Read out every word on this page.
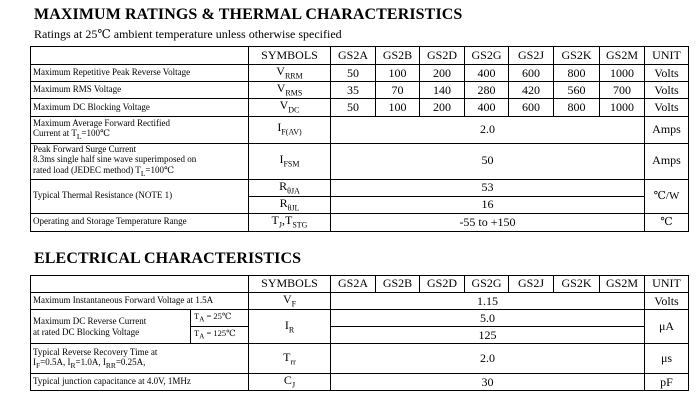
MAXIMUM RATINGS & THERMAL CHARACTERISTICS
Ratings at 25℃ ambient temperature unless otherwise specified
	SYMBOLS	GS2A	GS2B	GS2D	GS2G	GS2J	GS2K	GS2M	UNIT
Maximum Repetitive Peak Reverse Voltage	$V_{RRM}$	50	100	200	400	600	800	1000	Volts
Maximum RMS Voltage	$V_{RMS}$	35	70	140	280	420	560	700	Volts
Maximum DC Blocking Voltage	$V_{DC}$	50	100	200	400	600	800	1000	Volts

Maximum Average Forward Rectified
Current at $T_L=100℃$	$I_{F(AV)}$	2.0							Amps

Peak Forward Surge Current
8.3ms single half sine wave superimposed on
rated load (JEDEC method) $T_L=100℃$	$I_{FSM}$	50							Amps
Typical Thermal Resistance (NOTE 1)	$R_{\theta JA}$	53							℃/W
	$R_{\theta JL}$	16							
Operating and Storage Temperature Range	$T_J,T_{STG}$	-55 to +150							℃
ELECTRICAL CHARACTERISTICS
		SYMBOLS	GS2A	GS2B	GS2D	GS2G	GS2J	GS2K	GS2M	UNIT
Maximum Instantaneous Forward Voltage at 1.5A		$V_F$	1.15							Volts

Maximum DC Reverse Current
at rated DC Blocking Voltage	$T_A$ = 25℃	$I_R$	5.0							μA
	$T_A$ = 125℃		125							

Typical Reverse Recovery Time at
$I_F=0.5A$, $I_R=1.0A$, $I_{RR}=0.25A$,		$T_{rr}$	2.0							μs
Typical junction capacitance at 4.0V, 1MHz		$C_J$	30							pF
